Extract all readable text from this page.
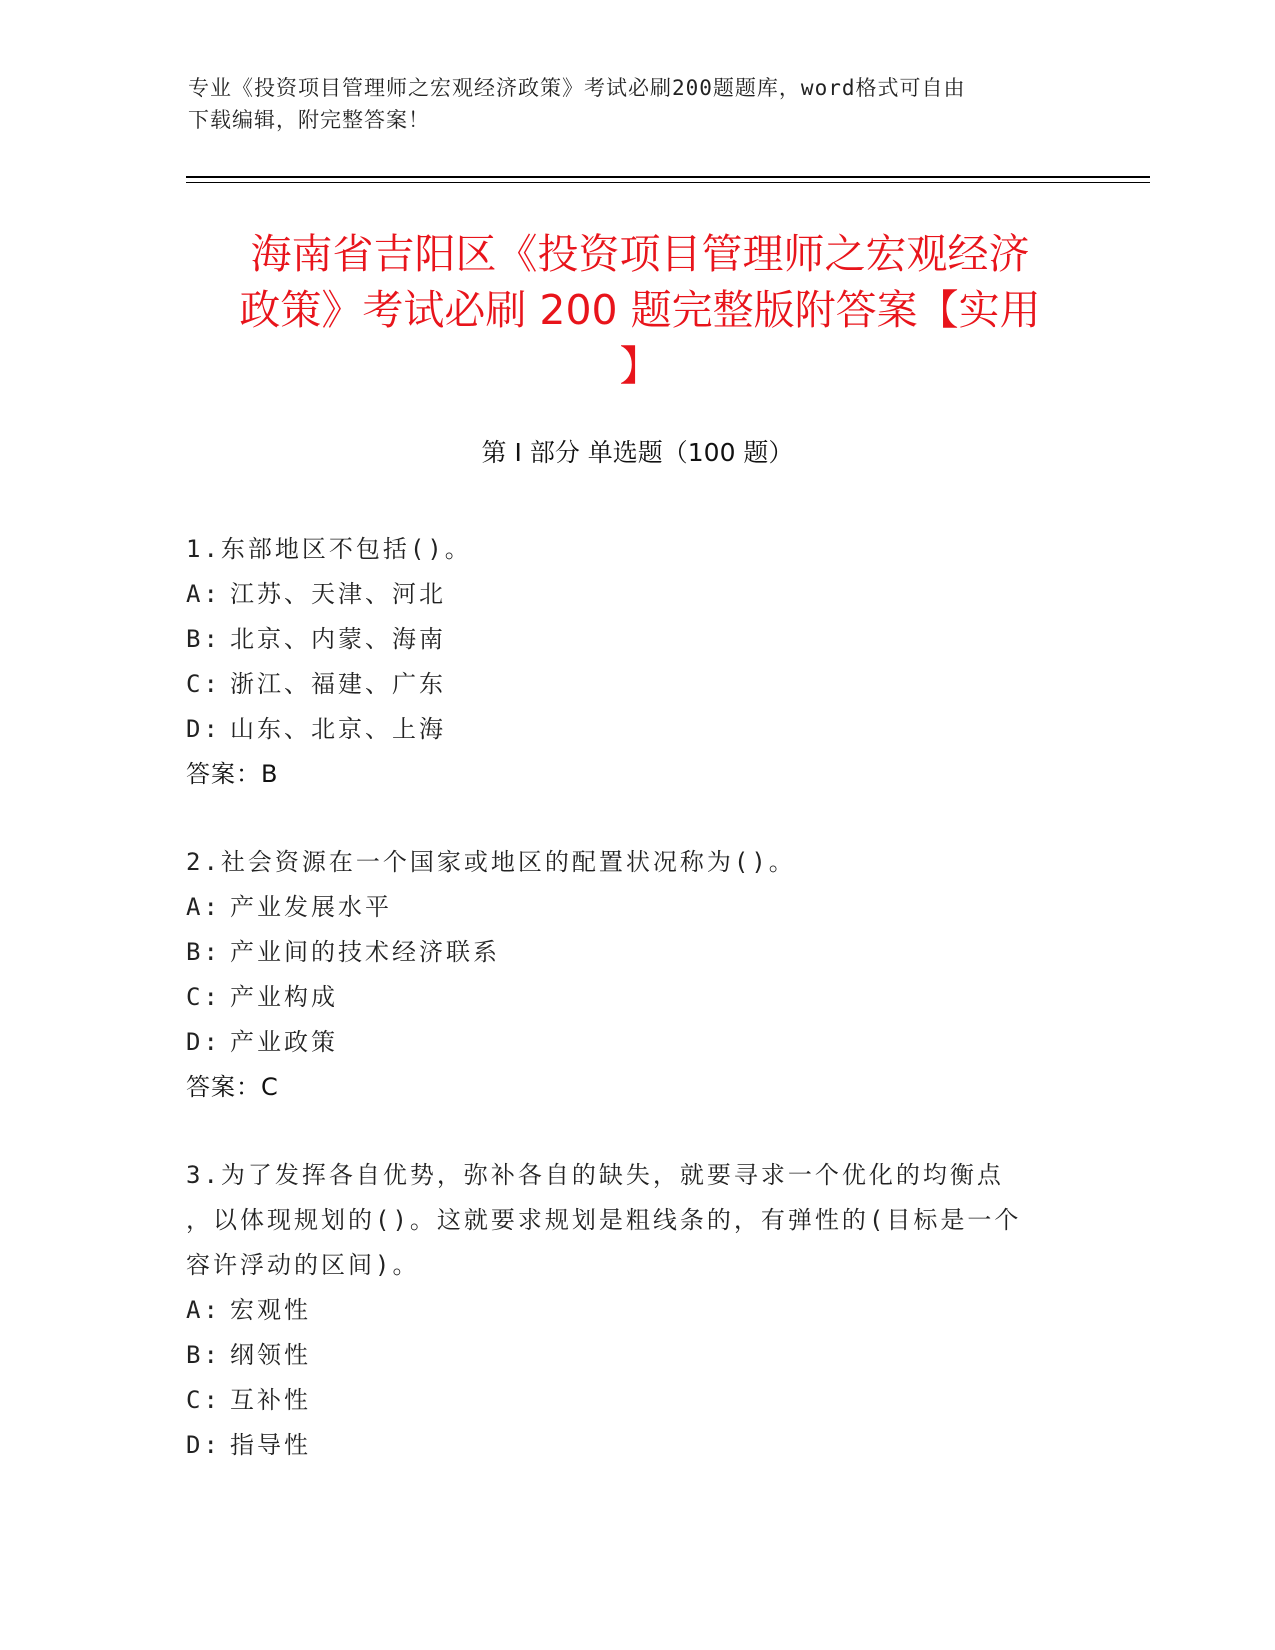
专业《投资项目管理师之宏观经济政策》考试必刷200题题库，word格式可自由
下载编辑，附完整答案！
海南省吉阳区《投资项目管理师之宏观经济
政策》考试必刷 200 题完整版附答案【实用
】
第 I 部分 单选题（100 题）
1.东部地区不包括()。
A: 江苏、天津、河北
B: 北京、内蒙、海南
C: 浙江、福建、广东
D: 山东、北京、上海
答案：B
2.社会资源在一个国家或地区的配置状况称为()。
A: 产业发展水平
B: 产业间的技术经济联系
C: 产业构成
D: 产业政策
答案：C
3.为了发挥各自优势，弥补各自的缺失，就要寻求一个优化的均衡点
，以体现规划的()。这就要求规划是粗线条的，有弹性的(目标是一个
容许浮动的区间)。
A: 宏观性
B: 纲领性
C: 互补性
D: 指导性
